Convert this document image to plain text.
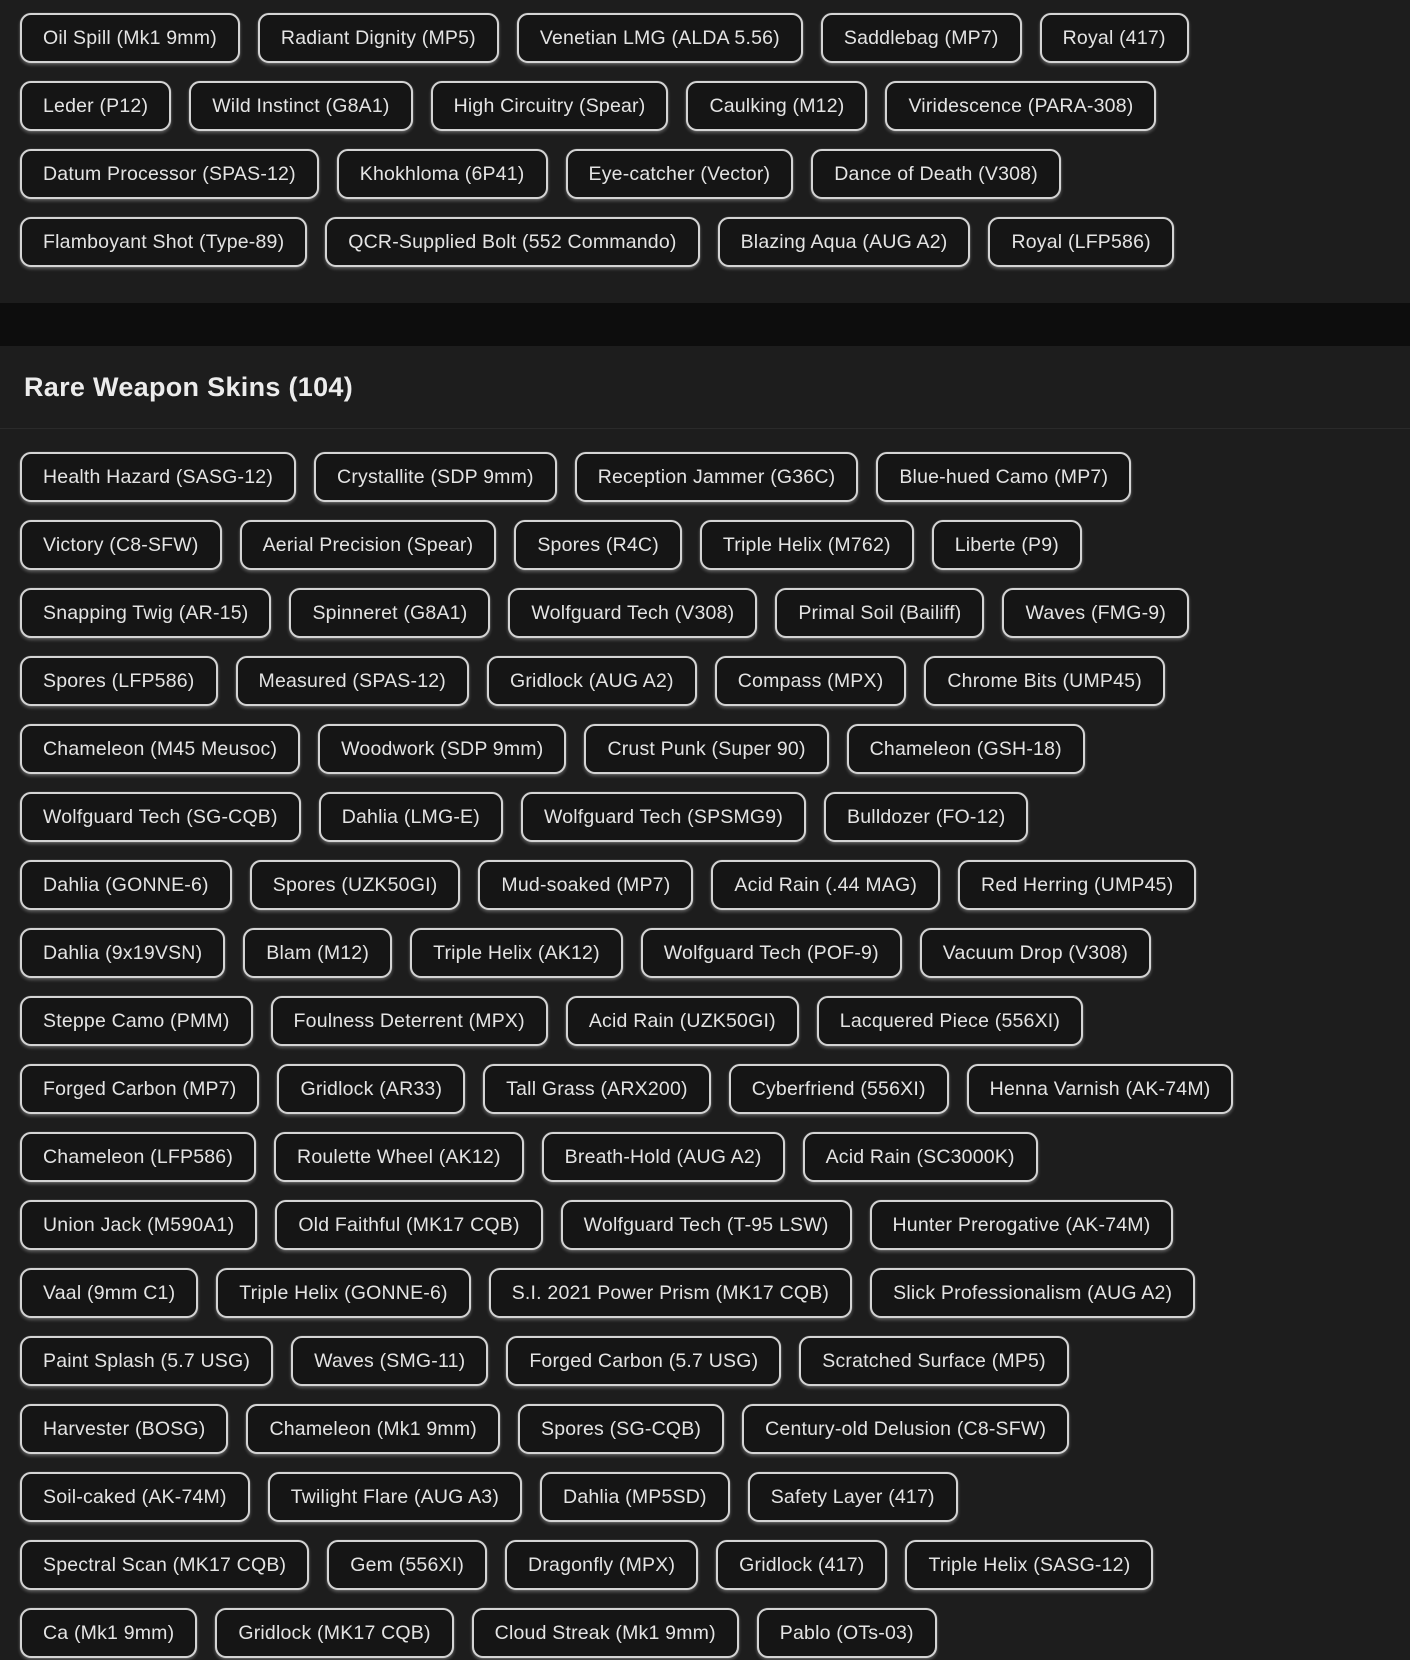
Oil Spill (Mk1 9mm)	Radiant Dignity (MP5)	Venetian LMG (ALDA 5.56)	Saddlebag (MP7)	Royal (417)
Leder (P12)	Wild Instinct (G8A1)	High Circuitry (Spear)	Caulking (M12)	Viridescence (PARA-308)
Datum Processor (SPAS-12)	Khokhloma (6P41)	Eye-catcher (Vector)	Dance of Death (V308)
Flamboyant Shot (Type-89)	QCR-Supplied Bolt (552 Commando)	Blazing Aqua (AUG A2)	Royal (LFP586)
Rare Weapon Skins (104)
Health Hazard (SASG-12)	Crystallite (SDP 9mm)	Reception Jammer (G36C)	Blue-hued Camo (MP7)
Victory (C8-SFW)	Aerial Precision (Spear)	Spores (R4C)	Triple Helix (M762)	Liberte (P9)
Snapping Twig (AR-15)	Spinneret (G8A1)	Wolfguard Tech (V308)	Primal Soil (Bailiff)	Waves (FMG-9)
Spores (LFP586)	Measured (SPAS-12)	Gridlock (AUG A2)	Compass (MPX)	Chrome Bits (UMP45)
Chameleon (M45 Meusoc)	Woodwork (SDP 9mm)	Crust Punk (Super 90)	Chameleon (GSH-18)
Wolfguard Tech (SG-CQB)	Dahlia (LMG-E)	Wolfguard Tech (SPSMG9)	Bulldozer (FO-12)
Dahlia (GONNE-6)	Spores (UZK50GI)	Mud-soaked (MP7)	Acid Rain (.44 MAG)	Red Herring (UMP45)
Dahlia (9x19VSN)	Blam (M12)	Triple Helix (AK12)	Wolfguard Tech (POF-9)	Vacuum Drop (V308)
Steppe Camo (PMM)	Foulness Deterrent (MPX)	Acid Rain (UZK50GI)	Lacquered Piece (556XI)
Forged Carbon (MP7)	Gridlock (AR33)	Tall Grass (ARX200)	Cyberfriend (556XI)	Henna Varnish (AK-74M)
Chameleon (LFP586)	Roulette Wheel (AK12)	Breath-Hold (AUG A2)	Acid Rain (SC3000K)
Union Jack (M590A1)	Old Faithful (MK17 CQB)	Wolfguard Tech (T-95 LSW)	Hunter Prerogative (AK-74M)
Vaal (9mm C1)	Triple Helix (GONNE-6)	S.I. 2021 Power Prism (MK17 CQB)	Slick Professionalism (AUG A2)
Paint Splash (5.7 USG)	Waves (SMG-11)	Forged Carbon (5.7 USG)	Scratched Surface (MP5)
Harvester (BOSG)	Chameleon (Mk1 9mm)	Spores (SG-CQB)	Century-old Delusion (C8-SFW)
Soil-caked (AK-74M)	Twilight Flare (AUG A3)	Dahlia (MP5SD)	Safety Layer (417)
Spectral Scan (MK17 CQB)	Gem (556XI)	Dragonfly (MPX)	Gridlock (417)	Triple Helix (SASG-12)
Ca (Mk1 9mm)	Gridlock (MK17 CQB)	Cloud Streak (Mk1 9mm)	Pablo (OTs-03)
